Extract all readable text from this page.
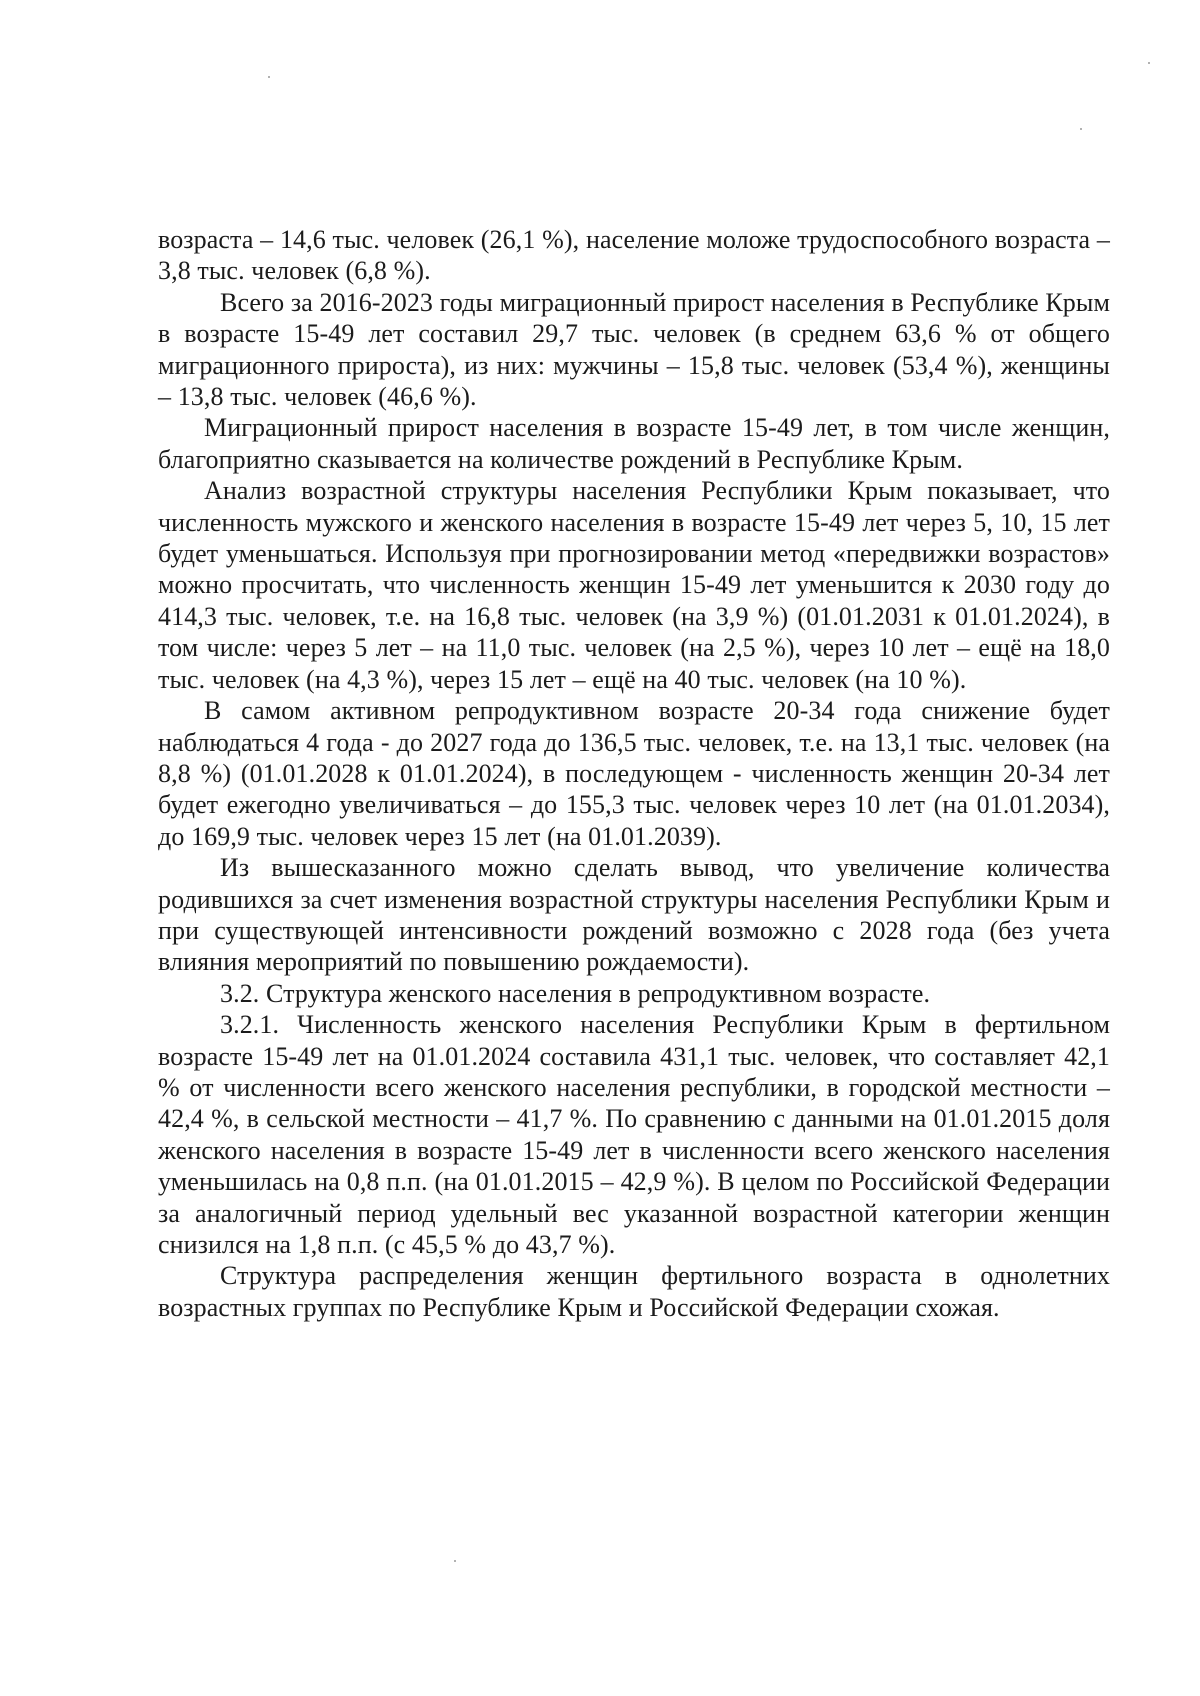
возраста – 14,6 тыс. человек (26,1 %), население моложе трудоспособного возраста – 3,8 тыс. человек (6,8 %).

Всего за 2016-2023 годы миграционный прирост населения в Республике Крым в возрасте 15-49 лет составил 29,7 тыс. человек (в среднем 63,6 % от общего миграционного прироста), из них: мужчины – 15,8 тыс. человек (53,4 %), женщины – 13,8 тыс. человек (46,6 %).

Миграционный прирост населения в возрасте 15-49 лет, в том числе женщин, благоприятно сказывается на количестве рождений в Республике Крым.

Анализ возрастной структуры населения Республики Крым показывает, что численность мужского и женского населения в возрасте 15-49 лет через 5, 10, 15 лет будет уменьшаться. Используя при прогнозировании метод «передвижки возрастов» можно просчитать, что численность женщин 15-49 лет уменьшится к 2030 году до 414,3 тыс. человек, т.е. на 16,8 тыс. человек (на 3,9 %) (01.01.2031 к 01.01.2024), в том числе: через 5 лет – на 11,0 тыс. человек (на 2,5 %), через 10 лет – ещё на 18,0 тыс. человек (на 4,3 %), через 15 лет – ещё на 40 тыс. человек (на 10 %).

В самом активном репродуктивном возрасте 20-34 года снижение будет наблюдаться 4 года - до 2027 года до 136,5 тыс. человек, т.е. на 13,1 тыс. человек (на 8,8 %) (01.01.2028 к 01.01.2024), в последующем - численность женщин 20-34 лет будет ежегодно увеличиваться – до 155,3 тыс. человек через 10 лет (на 01.01.2034), до 169,9 тыс. человек через 15 лет (на 01.01.2039).

Из вышесказанного можно сделать вывод, что увеличение количества родившихся за счет изменения возрастной структуры населения Республики Крым и при существующей интенсивности рождений возможно с 2028 года (без учета влияния мероприятий по повышению рождаемости).

3.2. Структура женского населения в репродуктивном возрасте.

3.2.1. Численность женского населения Республики Крым в фертильном возрасте 15-49 лет на 01.01.2024 составила 431,1 тыс. человек, что составляет 42,1 % от численности всего женского населения республики, в городской местности – 42,4 %, в сельской местности – 41,7 %. По сравнению с данными на 01.01.2015 доля женского населения в возрасте 15-49 лет в численности всего женского населения уменьшилась на 0,8 п.п. (на 01.01.2015 – 42,9 %). В целом по Российской Федерации за аналогичный период удельный вес указанной возрастной категории женщин снизился на 1,8 п.п. (с 45,5 % до 43,7 %).

Структура распределения женщин фертильного возраста в однолетних возрастных группах по Республике Крым и Российской Федерации схожая.
